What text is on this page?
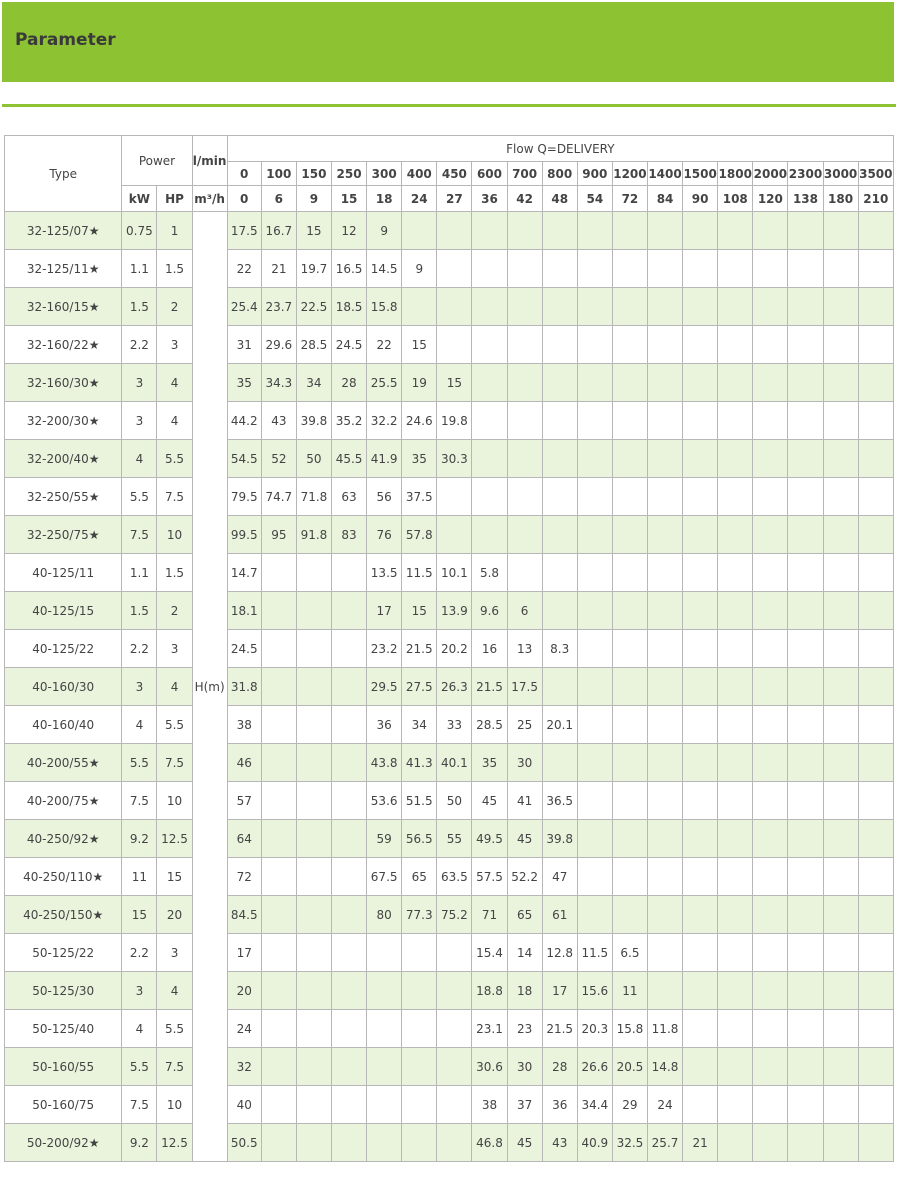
Parameter
Type	Power		l/min	Flow Q=DELIVERY																		
				0	100	150	250	300	400	450	600	700	800	900	1200	1400	1500	1800	2000	2300	3000	3500
	kW	HP	m³/h	0	6	9	15	18	24	27	36	42	48	54	72	84	90	108	120	138	180	210
32-125/07★	0.75	1	H(m)	17.5	16.7	15	12	9														
32-125/11★	1.1	1.5		22	21	19.7	16.5	14.5	9													
32-160/15★	1.5	2		25.4	23.7	22.5	18.5	15.8														
32-160/22★	2.2	3		31	29.6	28.5	24.5	22	15													
32-160/30★	3	4		35	34.3	34	28	25.5	19	15												
32-200/30★	3	4		44.2	43	39.8	35.2	32.2	24.6	19.8												
32-200/40★	4	5.5		54.5	52	50	45.5	41.9	35	30.3												
32-250/55★	5.5	7.5		79.5	74.7	71.8	63	56	37.5													
32-250/75★	7.5	10		99.5	95	91.8	83	76	57.8													
40-125/11	1.1	1.5		14.7				13.5	11.5	10.1	5.8											
40-125/15	1.5	2		18.1				17	15	13.9	9.6	6										
40-125/22	2.2	3		24.5				23.2	21.5	20.2	16	13	8.3									
40-160/30	3	4		31.8				29.5	27.5	26.3	21.5	17.5										
40-160/40	4	5.5		38				36	34	33	28.5	25	20.1									
40-200/55★	5.5	7.5		46				43.8	41.3	40.1	35	30										
40-200/75★	7.5	10		57				53.6	51.5	50	45	41	36.5									
40-250/92★	9.2	12.5		64				59	56.5	55	49.5	45	39.8									
40-250/110★	11	15		72				67.5	65	63.5	57.5	52.2	47									
40-250/150★	15	20		84.5				80	77.3	75.2	71	65	61									
50-125/22	2.2	3		17							15.4	14	12.8	11.5	6.5							
50-125/30	3	4		20							18.8	18	17	15.6	11							
50-125/40	4	5.5		24							23.1	23	21.5	20.3	15.8	11.8						
50-160/55	5.5	7.5		32							30.6	30	28	26.6	20.5	14.8						
50-160/75	7.5	10		40							38	37	36	34.4	29	24						
50-200/92★	9.2	12.5		50.5							46.8	45	43	40.9	32.5	25.7	21					
